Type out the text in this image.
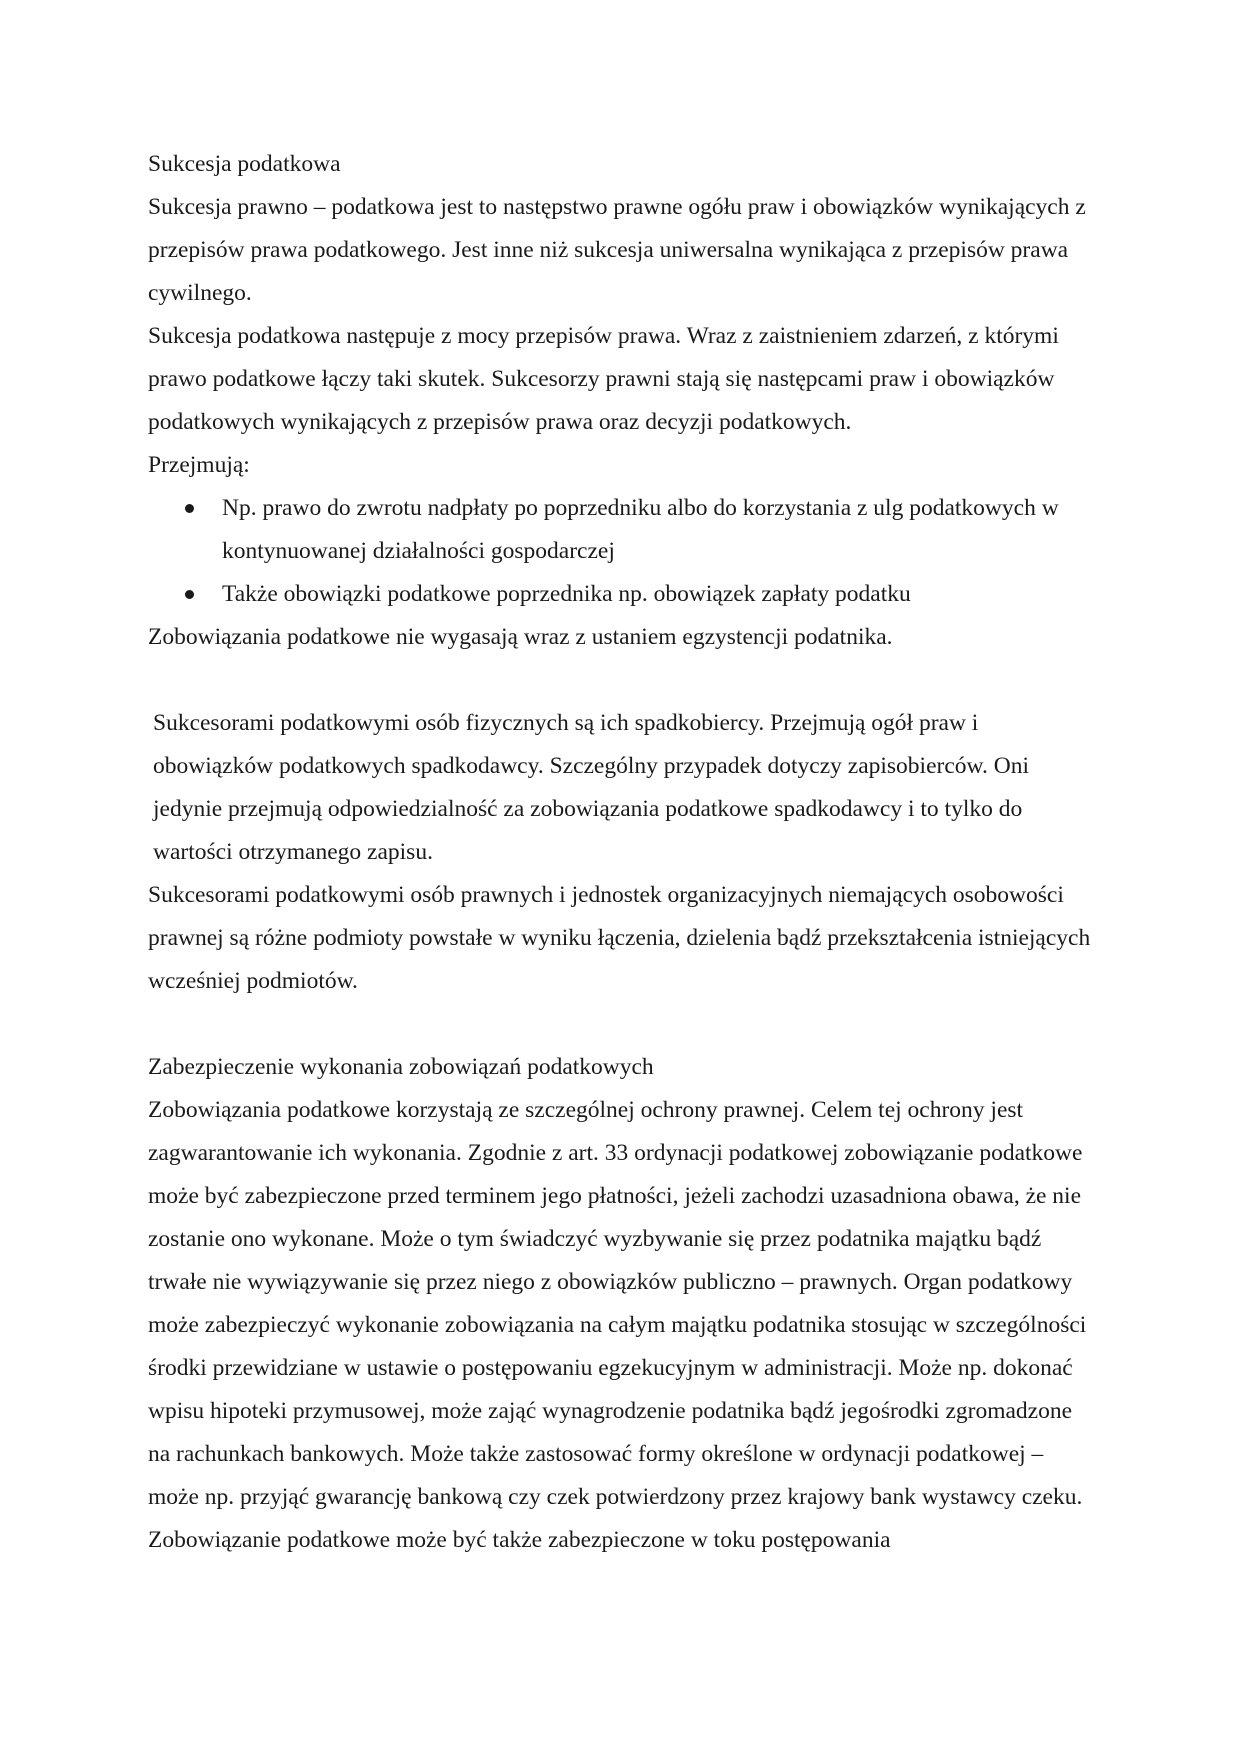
Sukcesja podatkowa

Sukcesja prawno – podatkowa jest to następstwo prawne ogółu praw i obowiązków wynikających z przepisów prawa podatkowego. Jest inne niż sukcesja uniwersalna wynikająca z przepisów prawa cywilnego.

Sukcesja podatkowa następuje z mocy przepisów prawa. Wraz z zaistnieniem zdarzeń, z którymi prawo podatkowe łączy taki skutek. Sukcesorzy prawni stają się następcami praw i obowiązków podatkowych wynikających z przepisów prawa oraz decyzji podatkowych.

Przejmują:

Np. prawo do zwrotu nadpłaty po poprzedniku albo do korzystania z ulg podatkowych w kontynuowanej działalności gospodarczej
Także obowiązki podatkowe poprzednika np. obowiązek zapłaty podatku

Zobowiązania podatkowe nie wygasają wraz z ustaniem egzystencji podatnika.

Sukcesorami podatkowymi osób fizycznych są ich spadkobiercy. Przejmują ogół praw i obowiązków podatkowych spadkodawcy. Szczególny przypadek dotyczy zapisobierców. Oni jedynie przejmują odpowiedzialność za zobowiązania podatkowe spadkodawcy i to tylko do wartości otrzymanego zapisu.

Sukcesorami podatkowymi osób prawnych i jednostek organizacyjnych niemających osobowości prawnej są różne podmioty powstałe w wyniku łączenia, dzielenia bądź przekształcenia istniejących wcześniej podmiotów.

Zabezpieczenie wykonania zobowiązań podatkowych

Zobowiązania podatkowe korzystają ze szczególnej ochrony prawnej. Celem tej ochrony jest zagwarantowanie ich wykonania. Zgodnie z art. 33 ordynacji podatkowej zobowiązanie podatkowe może być zabezpieczone przed terminem jego płatności, jeżeli zachodzi uzasadniona obawa, że nie zostanie ono wykonane. Może o tym świadczyć wyzbywanie się przez podatnika majątku bądź trwałe nie wywiązywanie się przez niego z obowiązków publiczno – prawnych. Organ podatkowy może zabezpieczyć wykonanie zobowiązania na całym majątku podatnika stosując w szczególności środki przewidziane w ustawie o postępowaniu egzekucyjnym w administracji. Może np. dokonać wpisu hipoteki przymusowej, może zająć wynagrodzenie podatnika bądź jegośrodki zgromadzone na rachunkach bankowych. Może także zastosować formy określone w ordynacji podatkowej – może np. przyjąć gwarancję bankową czy czek potwierdzony przez krajowy bank wystawcy czeku. Zobowiązanie podatkowe może być także zabezpieczone w toku postępowania
